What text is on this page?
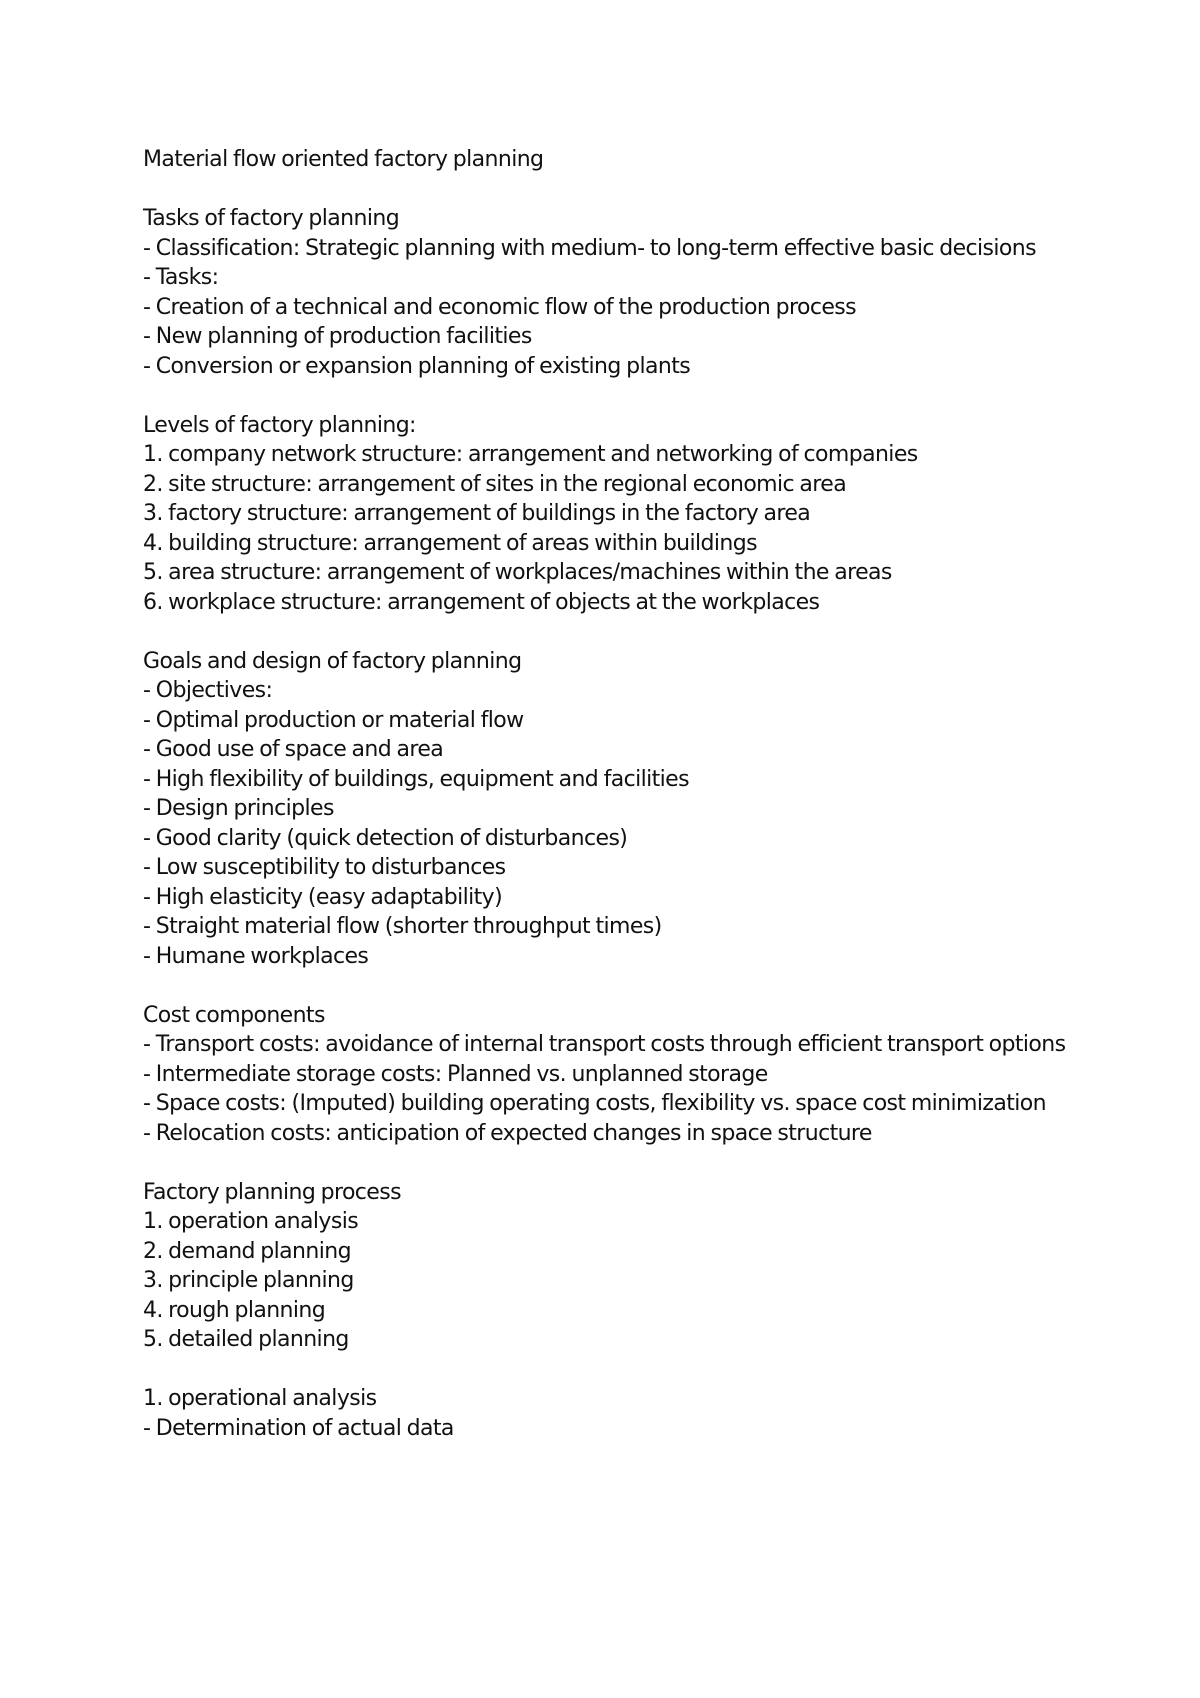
Material flow oriented factory planning
Tasks of factory planning
- Classification: Strategic planning with medium- to long-term effective basic decisions
- Tasks:
- Creation of a technical and economic flow of the production process
- New planning of production facilities
- Conversion or expansion planning of existing plants
Levels of factory planning:
1. company network structure: arrangement and networking of companies
2. site structure: arrangement of sites in the regional economic area
3. factory structure: arrangement of buildings in the factory area
4. building structure: arrangement of areas within buildings
5. area structure: arrangement of workplaces/machines within the areas
6. workplace structure: arrangement of objects at the workplaces
Goals and design of factory planning
- Objectives:
- Optimal production or material flow
- Good use of space and area
- High flexibility of buildings, equipment and facilities
- Design principles
- Good clarity (quick detection of disturbances)
- Low susceptibility to disturbances
- High elasticity (easy adaptability)
- Straight material flow (shorter throughput times)
- Humane workplaces
Cost components
- Transport costs: avoidance of internal transport costs through efficient transport options
- Intermediate storage costs: Planned vs. unplanned storage
- Space costs: (Imputed) building operating costs, flexibility vs. space cost minimization
- Relocation costs: anticipation of expected changes in space structure
Factory planning process
1. operation analysis
2. demand planning
3. principle planning
4. rough planning
5. detailed planning
1. operational analysis
- Determination of actual data
